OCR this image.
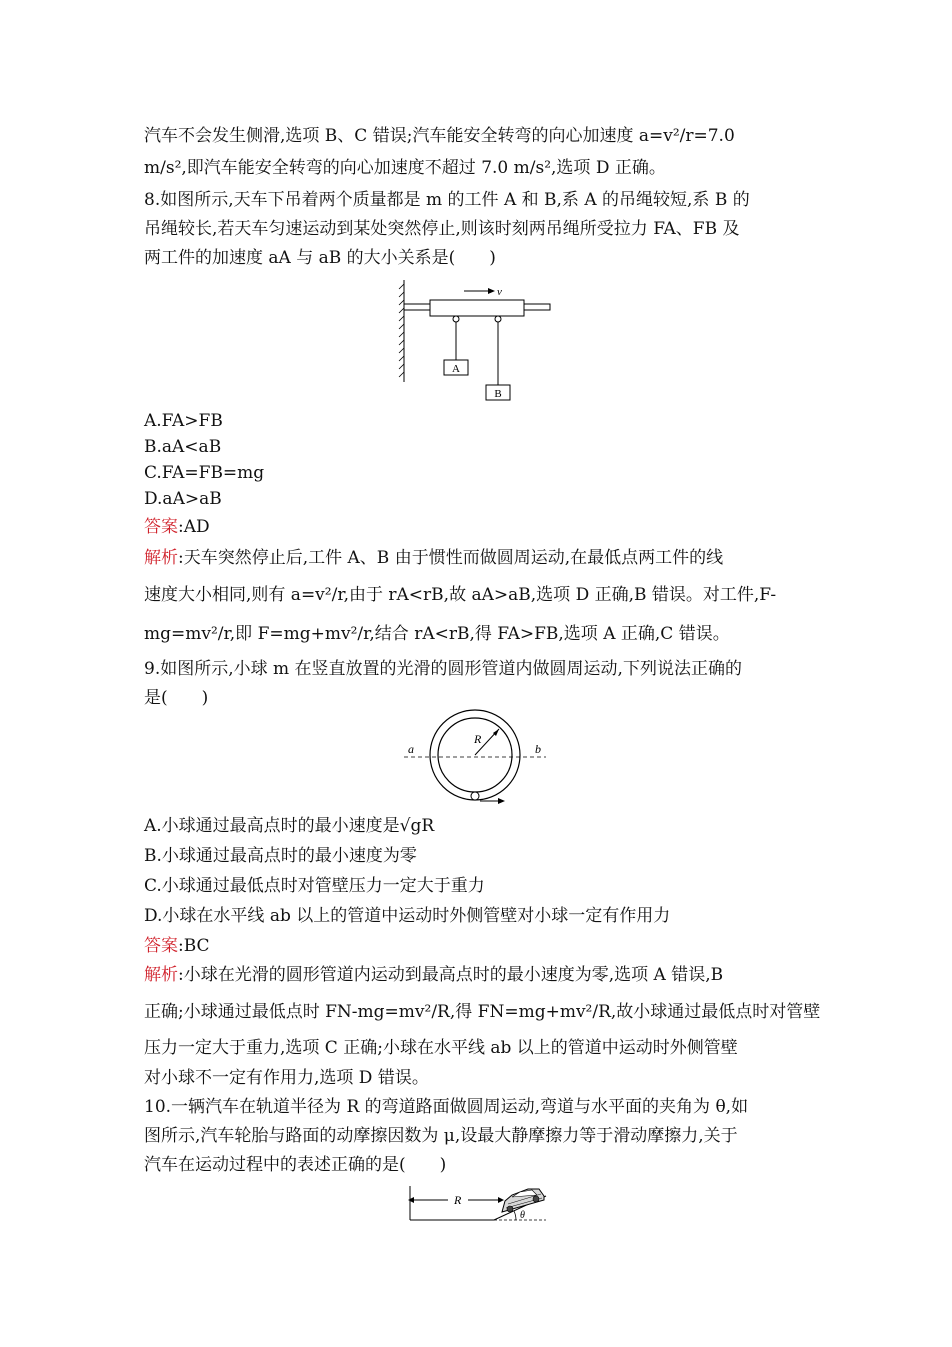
汽车不会发生侧滑,选项 B、C 错误;汽车能安全转弯的向心加速度 a=v²/r=7.0
m/s²,即汽车能安全转弯的向心加速度不超过 7.0 m/s²,选项 D 正确。
8.如图所示,天车下吊着两个质量都是 m 的工件 A 和 B,系 A 的吊绳较短,系 B 的
吊绳较长,若天车匀速运动到某处突然停止,则该时刻两吊绳所受拉力 FA、FB 及
两工件的加速度 aA 与 aB 的大小关系是(　　)
v
A
B
A.FA>FB
B.aA<aB
C.FA=FB=mg
D.aA>aB
答案:AD
解析:天车突然停止后,工件 A、B 由于惯性而做圆周运动,在最低点两工件的线
速度大小相同,则有 a=v²/r,由于 rA<rB,故 aA>aB,选项 D 正确,B 错误。对工件,F-
mg=mv²/r,即 F=mg+mv²/r,结合 rA<rB,得 FA>FB,选项 A 正确,C 错误。
9.如图所示,小球 m 在竖直放置的光滑的圆形管道内做圆周运动,下列说法正确的
是(　　)
R
a	b
A.小球通过最高点时的最小速度是√gR
B.小球通过最高点时的最小速度为零
C.小球通过最低点时对管壁压力一定大于重力
D.小球在水平线 ab 以上的管道中运动时外侧管壁对小球一定有作用力
答案:BC
解析:小球在光滑的圆形管道内运动到最高点时的最小速度为零,选项 A 错误,B
正确;小球通过最低点时 FN-mg=mv²/R,得 FN=mg+mv²/R,故小球通过最低点时对管壁
压力一定大于重力,选项 C 正确;小球在水平线 ab 以上的管道中运动时外侧管壁
对小球不一定有作用力,选项 D 错误。
10.一辆汽车在轨道半径为 R 的弯道路面做圆周运动,弯道与水平面的夹角为 θ,如
图所示,汽车轮胎与路面的动摩擦因数为 μ,设最大静摩擦力等于滑动摩擦力,关于
汽车在运动过程中的表述正确的是(　　)
R
θ
